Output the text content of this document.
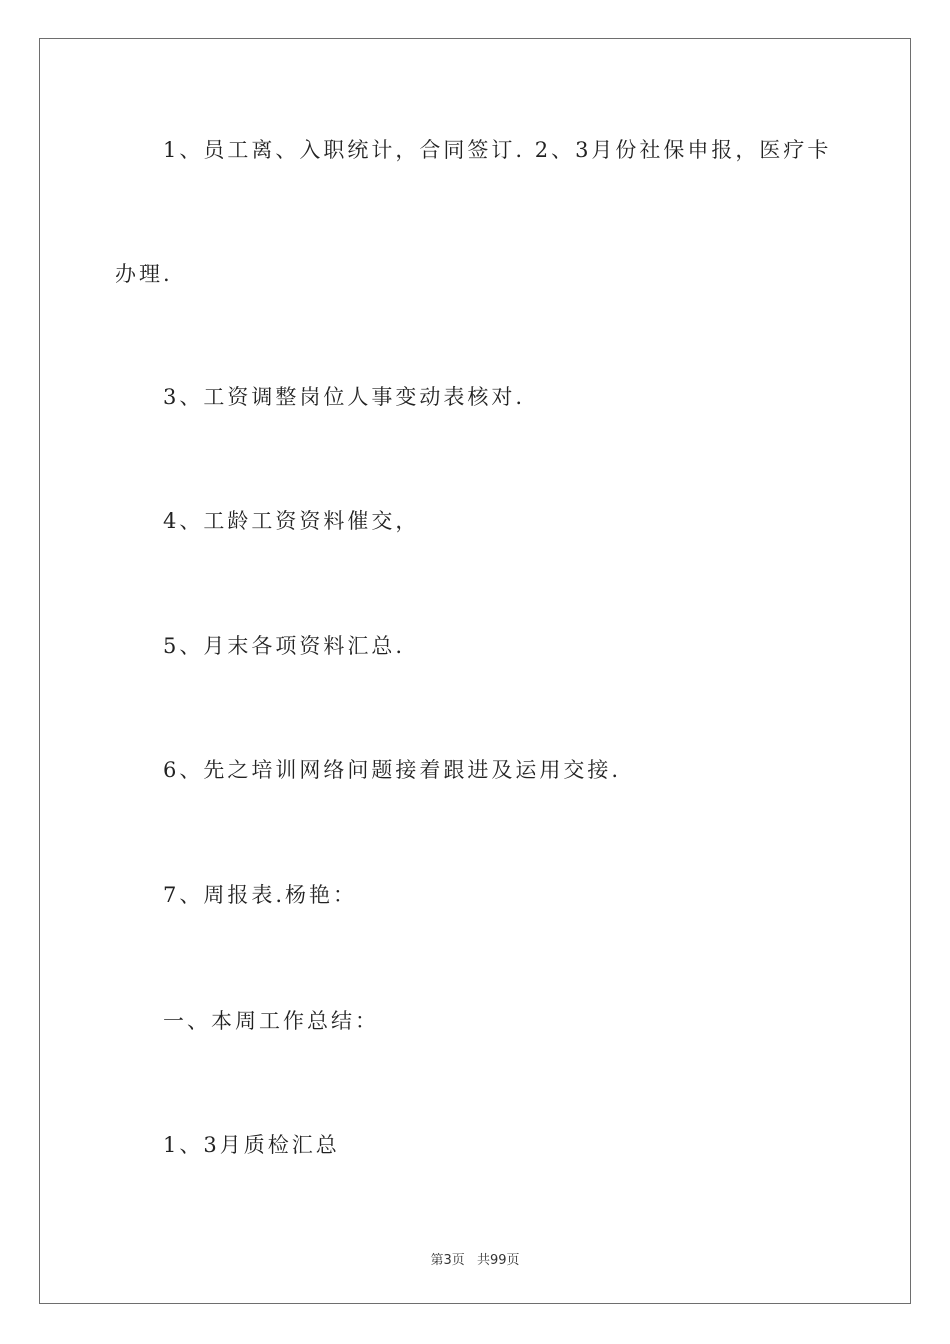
1、员工离、入职统计，合同签订. 2、3月份社保申报，医疗卡
办理.
3、工资调整岗位人事变动表核对.
4、工龄工资资料催交，
5、月末各项资料汇总.
6、先之培训网络问题接着跟进及运用交接.
7、周报表.杨艳：
一、本周工作总结：
1、3月质检汇总
第3页 共99页
